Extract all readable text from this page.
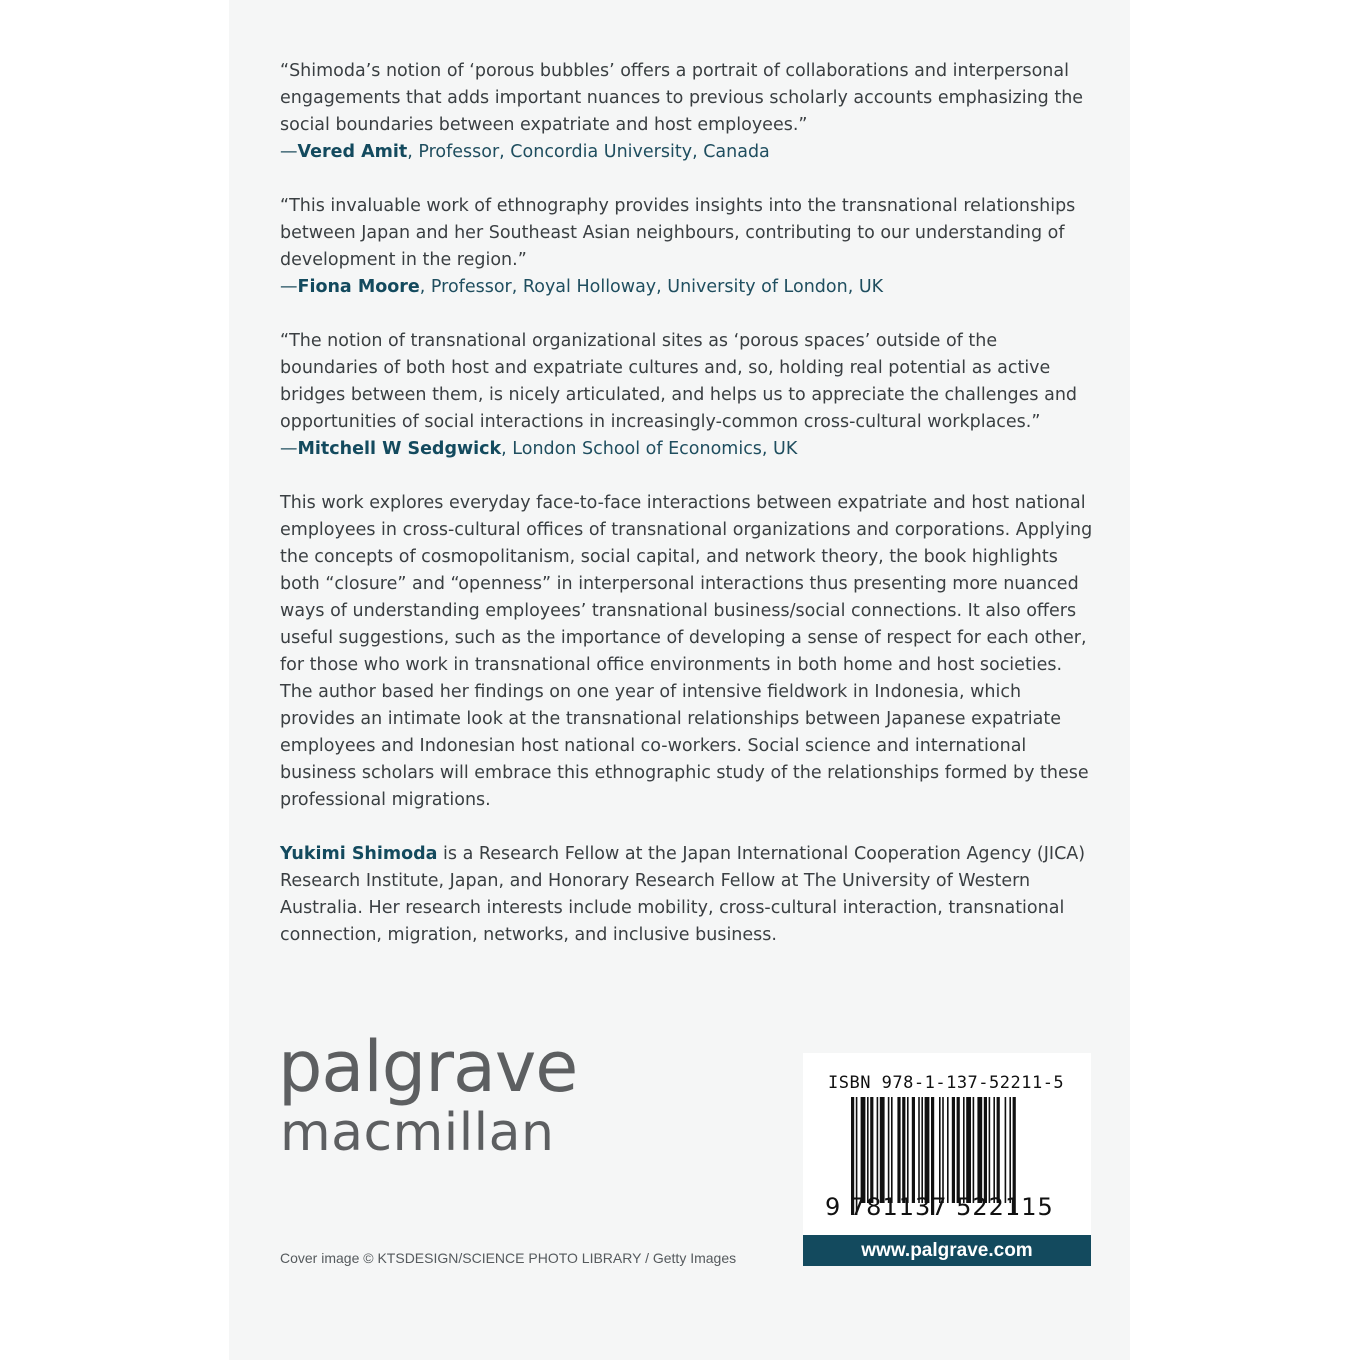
“Shimoda’s notion of ‘porous bubbles’ offers a portrait of collaborations and interpersonal engagements that adds important nuances to previous scholarly accounts emphasizing the social boundaries between expatriate and host employees.”
—Vered Amit, Professor, Concordia University, Canada
“This invaluable work of ethnography provides insights into the transnational relationships between Japan and her Southeast Asian neighbours, contributing to our understanding of development in the region.”
—Fiona Moore, Professor, Royal Holloway, University of London, UK
“The notion of transnational organizational sites as ‘porous spaces’ outside of the boundaries of both host and expatriate cultures and, so, holding real potential as active bridges between them, is nicely articulated, and helps us to appreciate the challenges and opportunities of social interactions in increasingly-common cross-cultural workplaces.”
—Mitchell W Sedgwick, London School of Economics, UK
This work explores everyday face-to-face interactions between expatriate and host national employees in cross-cultural offices of transnational organizations and corporations. Applying the concepts of cosmopolitanism, social capital, and network theory, the book highlights both “closure” and “openness” in interpersonal interactions thus presenting more nuanced ways of understanding employees’ transnational business/social connections. It also offers useful suggestions, such as the importance of developing a sense of respect for each other, for those who work in transnational office environments in both home and host societies. The author based her findings on one year of intensive fieldwork in Indonesia, which provides an intimate look at the transnational relationships between Japanese expatriate employees and Indonesian host national co-workers. Social science and international business scholars will embrace this ethnographic study of the relationships formed by these professional migrations.
Yukimi Shimoda is a Research Fellow at the Japan International Cooperation Agency (JICA) Research Institute, Japan, and Honorary Research Fellow at The University of Western Australia. Her research interests include mobility, cross-cultural interaction, transnational connection, migration, networks, and inclusive business.
palgrave
macmillan
Cover image © KTSDESIGN/SCIENCE PHOTO LIBRARY / Getty Images
ISBN 978-1-137-52211-5
9 781137 522115
www.palgrave.com
